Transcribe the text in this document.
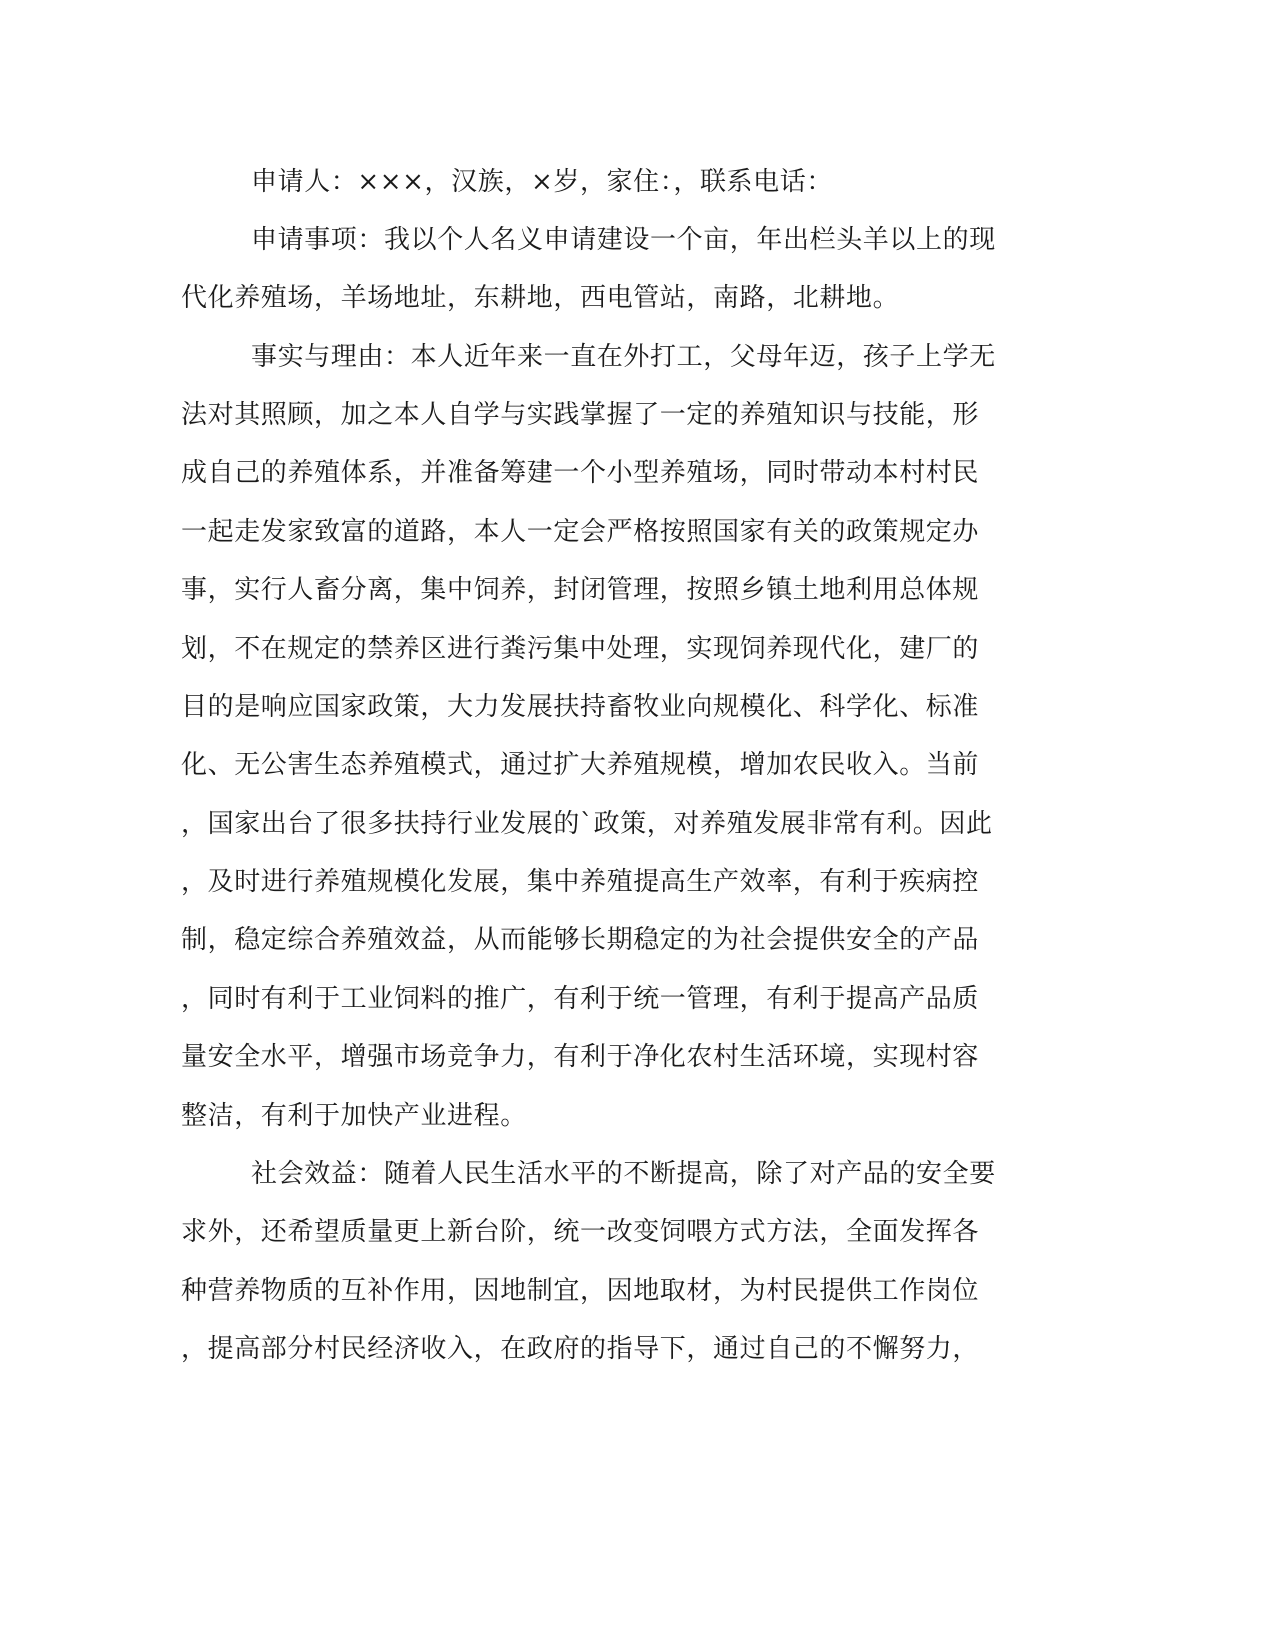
申请人：×××，汉族，×岁，家住：，联系电话：
申请事项：我以个人名义申请建设一个亩，年出栏头羊以上的现
代化养殖场，羊场地址，东耕地，西电管站，南路，北耕地。
事实与理由：本人近年来一直在外打工，父母年迈，孩子上学无
法对其照顾，加之本人自学与实践掌握了一定的养殖知识与技能，形
成自己的养殖体系，并准备筹建一个小型养殖场，同时带动本村村民
一起走发家致富的道路，本人一定会严格按照国家有关的政策规定办
事，实行人畜分离，集中饲养，封闭管理，按照乡镇土地利用总体规
划，不在规定的禁养区进行粪污集中处理，实现饲养现代化，建厂的
目的是响应国家政策，大力发展扶持畜牧业向规模化、科学化、标准
化、无公害生态养殖模式，通过扩大养殖规模，增加农民收入。当前
，国家出台了很多扶持行业发展的`政策，对养殖发展非常有利。因此
，及时进行养殖规模化发展，集中养殖提高生产效率，有利于疾病控
制，稳定综合养殖效益，从而能够长期稳定的为社会提供安全的产品
，同时有利于工业饲料的推广，有利于统一管理，有利于提高产品质
量安全水平，增强市场竞争力，有利于净化农村生活环境，实现村容
整洁，有利于加快产业进程。
社会效益：随着人民生活水平的不断提高，除了对产品的安全要
求外，还希望质量更上新台阶，统一改变饲喂方式方法，全面发挥各
种营养物质的互补作用，因地制宜，因地取材，为村民提供工作岗位
，提高部分村民经济收入，在政府的指导下，通过自己的不懈努力，
